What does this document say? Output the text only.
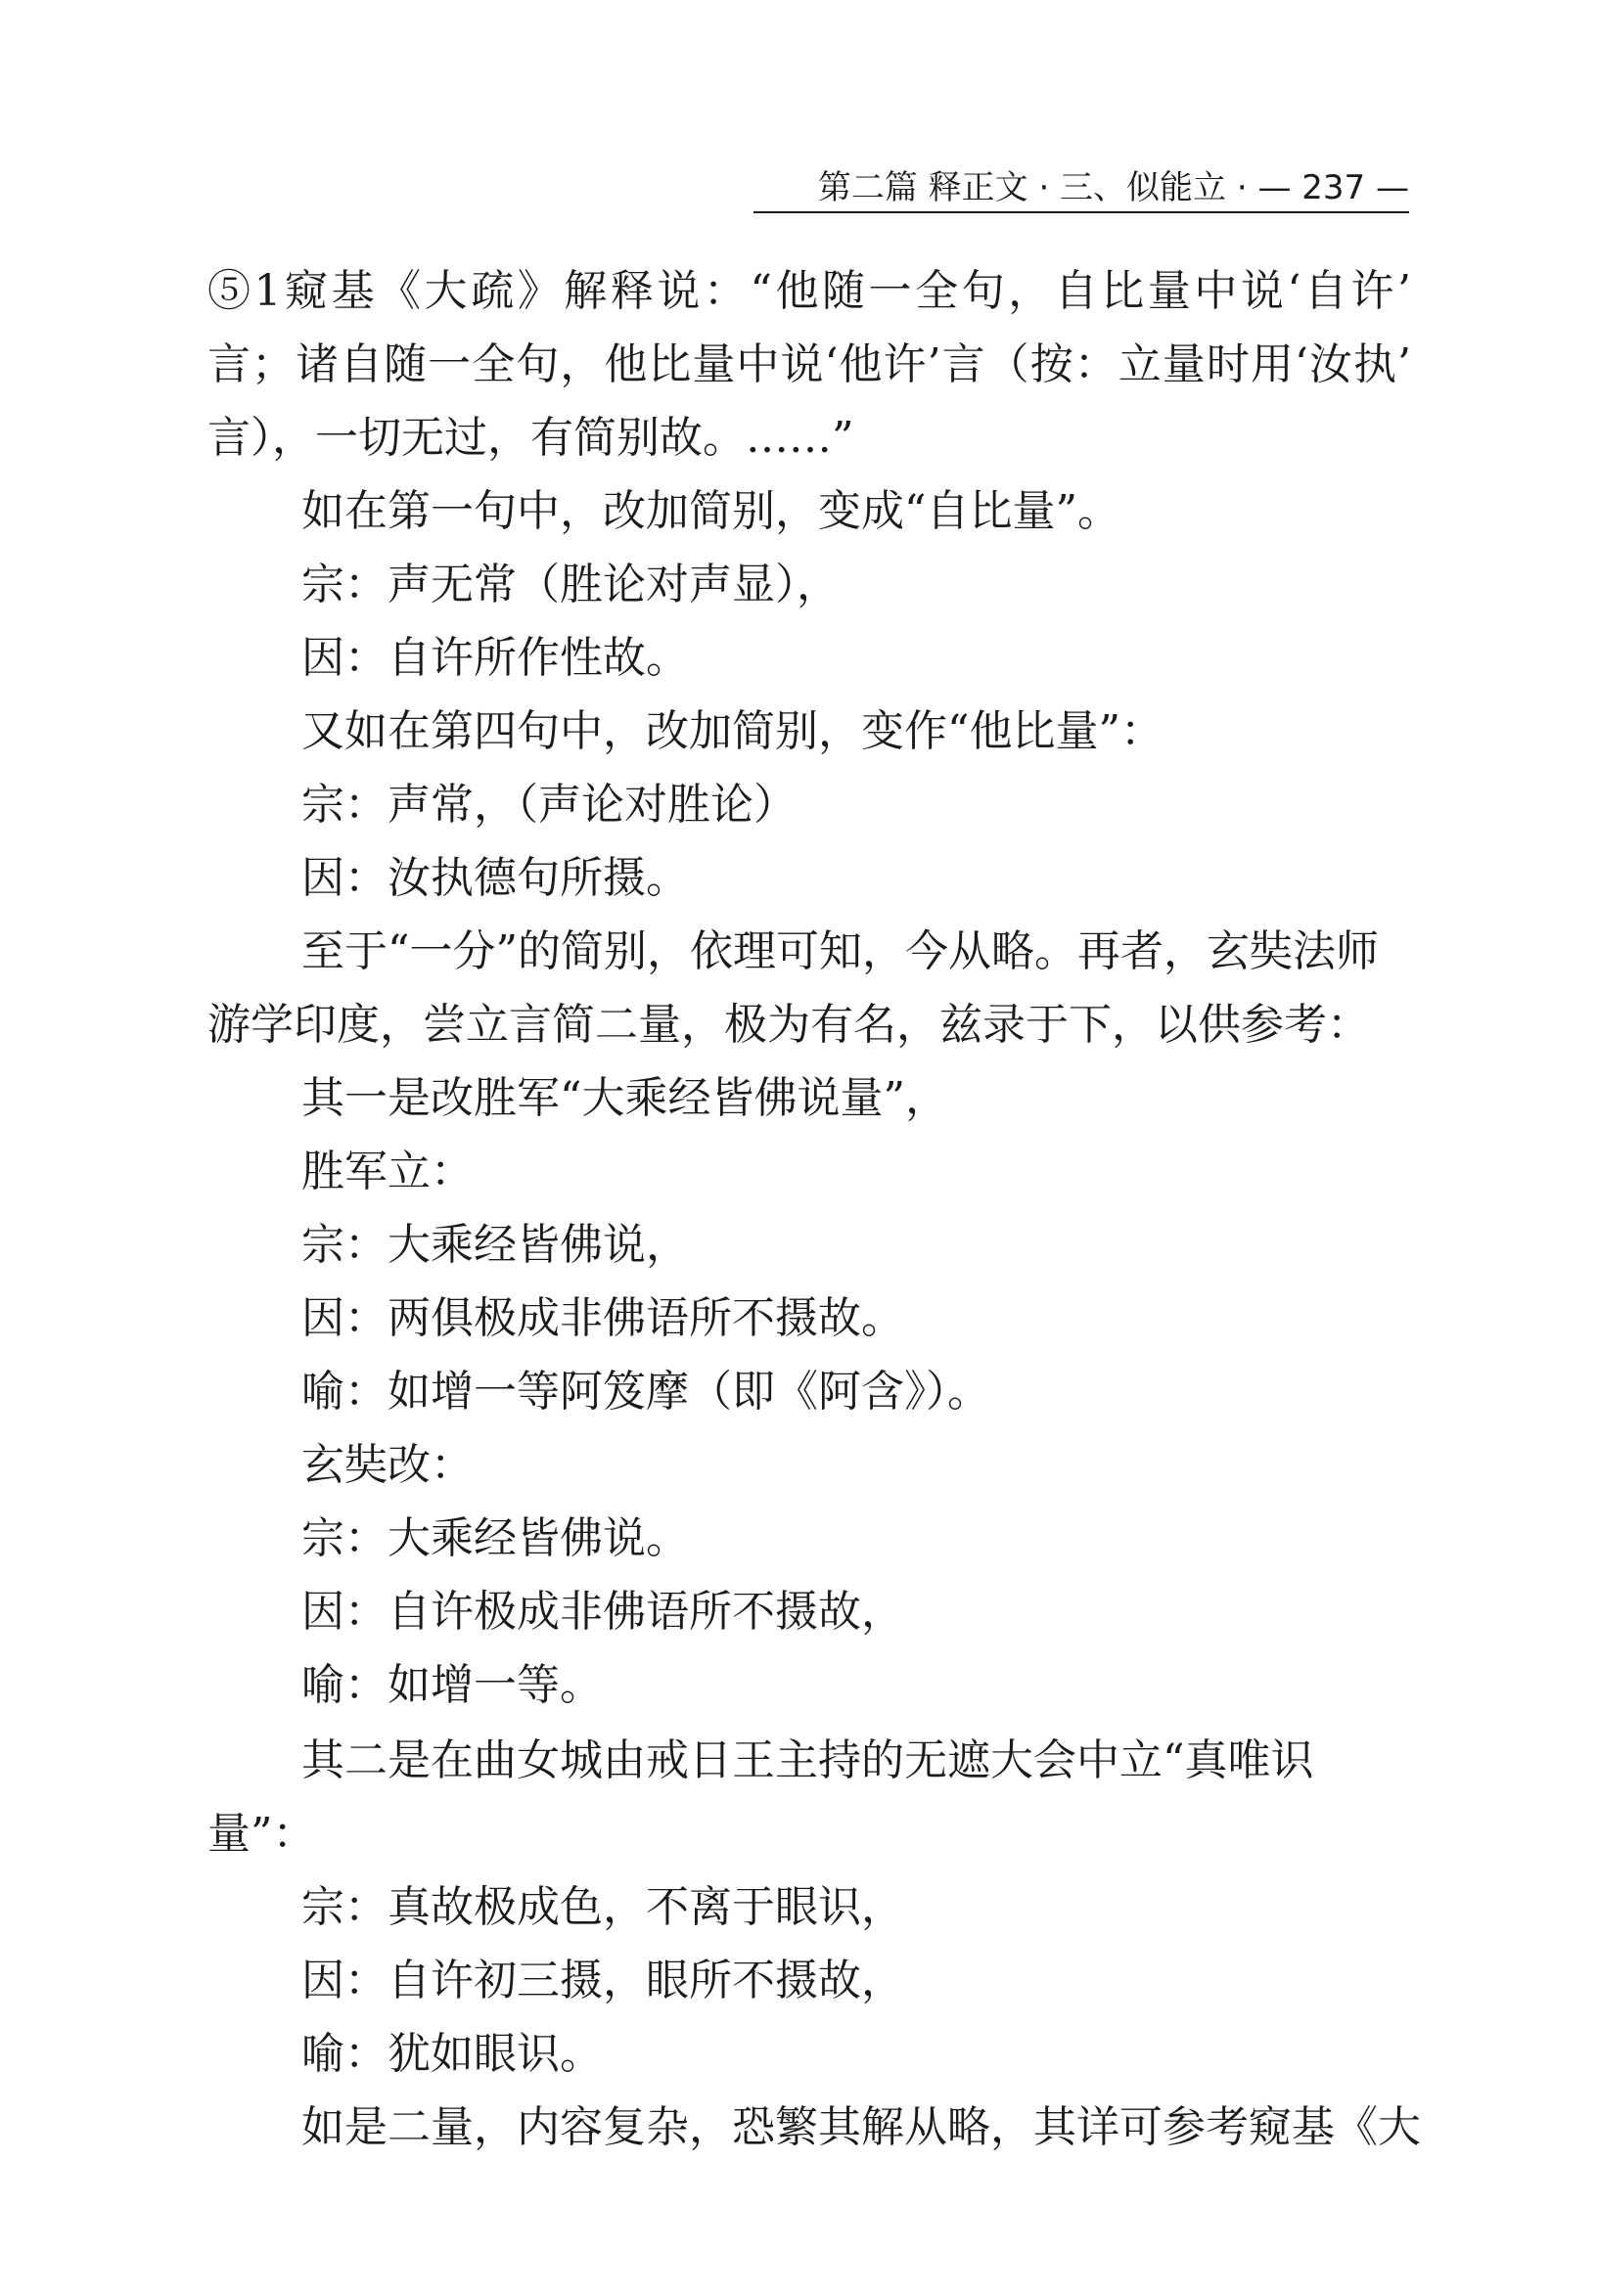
第二篇 释正文 · 三、似能立 · — 237 —
⑤1窥基《大疏》解释说：“他随一全句，自比量中说‘自许’
言；诸自随一全句，他比量中说‘他许’言（按：立量时用‘汝执’
言），一切无过，有简别故。……”
如在第一句中，改加简别，变成“自比量”。
宗：声无常（胜论对声显），
因：自许所作性故。
又如在第四句中，改加简别，变作“他比量”：
宗：声常，（声论对胜论）
因：汝执德句所摄。
至于“一分”的简别，依理可知，今从略。再者，玄奘法师
游学印度，尝立言简二量，极为有名，兹录于下，以供参考：
其一是改胜军“大乘经皆佛说量”，
胜军立：
宗：大乘经皆佛说，
因：两俱极成非佛语所不摄故。
喻：如增一等阿笈摩（即《阿含》）。
玄奘改：
宗：大乘经皆佛说。
因：自许极成非佛语所不摄故，
喻：如增一等。
其二是在曲女城由戒日王主持的无遮大会中立“真唯识
量”：
宗：真故极成色，不离于眼识，
因：自许初三摄，眼所不摄故，
喻：犹如眼识。
如是二量，内容复杂，恐繁其解从略，其详可参考窥基《大
